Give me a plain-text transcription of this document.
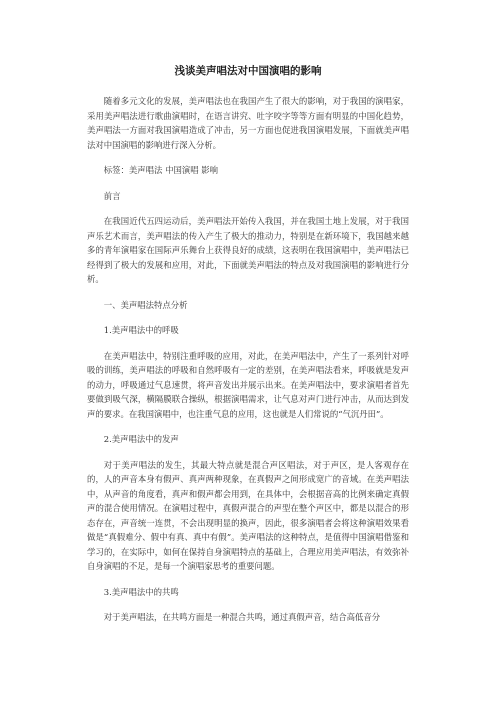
浅谈美声唱法对中国演唱的影响

随着多元文化的发展，美声唱法也在我国产生了很大的影响，对于我国的演唱家，采用美声唱法进行歌曲演唱时，在语言讲究、吐字咬字等等方面有明显的中国化趋势，美声唱法一方面对我国演唱造成了冲击，另一方面也促进我国演唱发展，下面就美声唱法对中国演唱的影响进行深入分析。

标签：美声唱法 中国演唱 影响

前言

在我国近代五四运动后，美声唱法开始传入我国，并在我国土地上发展，对于我国声乐艺术而言，美声唱法的传入产生了极大的推动力，特别是在新环境下，我国越来越多的青年演唱家在国际声乐舞台上获得良好的成绩，这表明在我国演唱中，美声唱法已经得到了极大的发展和应用，对此，下面就美声唱法的特点及对我国演唱的影响进行分析。

一、美声唱法特点分析

1.美声唱法中的呼吸

在美声唱法中，特别注重呼吸的应用，对此，在美声唱法中，产生了一系列针对呼吸的训练，美声唱法的呼吸和自然呼吸有一定的差别，在美声唱法看来，呼吸就是发声的动力，呼吸通过气息速贯，将声音发出并展示出来。在美声唱法中，要求演唱者首先要做到吸气深，横隔膜联合操纵，根据演唱需求，让气息对声门进行冲击，从而达到发声的要求。在我国演唱中，也注重气息的应用，这也就是人们常说的“气沉丹田”。

2.美声唱法中的发声

对于美声唱法的发生，其最大特点就是混合声区唱法，对于声区，是人客观存在的，人的声音本身有假声、真声两种现象，在真假声之间形成宽广的音域。在美声唱法中，从声音的角度看，真声和假声都会用到，在具体中，会根据音高的比例来确定真假声的混合使用情况。在演唱过程中，真假声混合的声型在整个声区中，都是以混合的形态存在，声音统一连贯，不会出现明显的换声，因此，很多演唱者会将这种演唱效果看做是“真假难分、假中有真、真中有假”。美声唱法的这种特点，是值得中国演唱借鉴和学习的，在实际中，如何在保持自身演唱特点的基础上，合理应用美声唱法，有效弥补自身演唱的不足，是每一个演唱家思考的重要问题。

3.美声唱法中的共鸣

对于美声唱法，在共鸣方面是一种混合共鸣，通过真假声音，结合高低音分
